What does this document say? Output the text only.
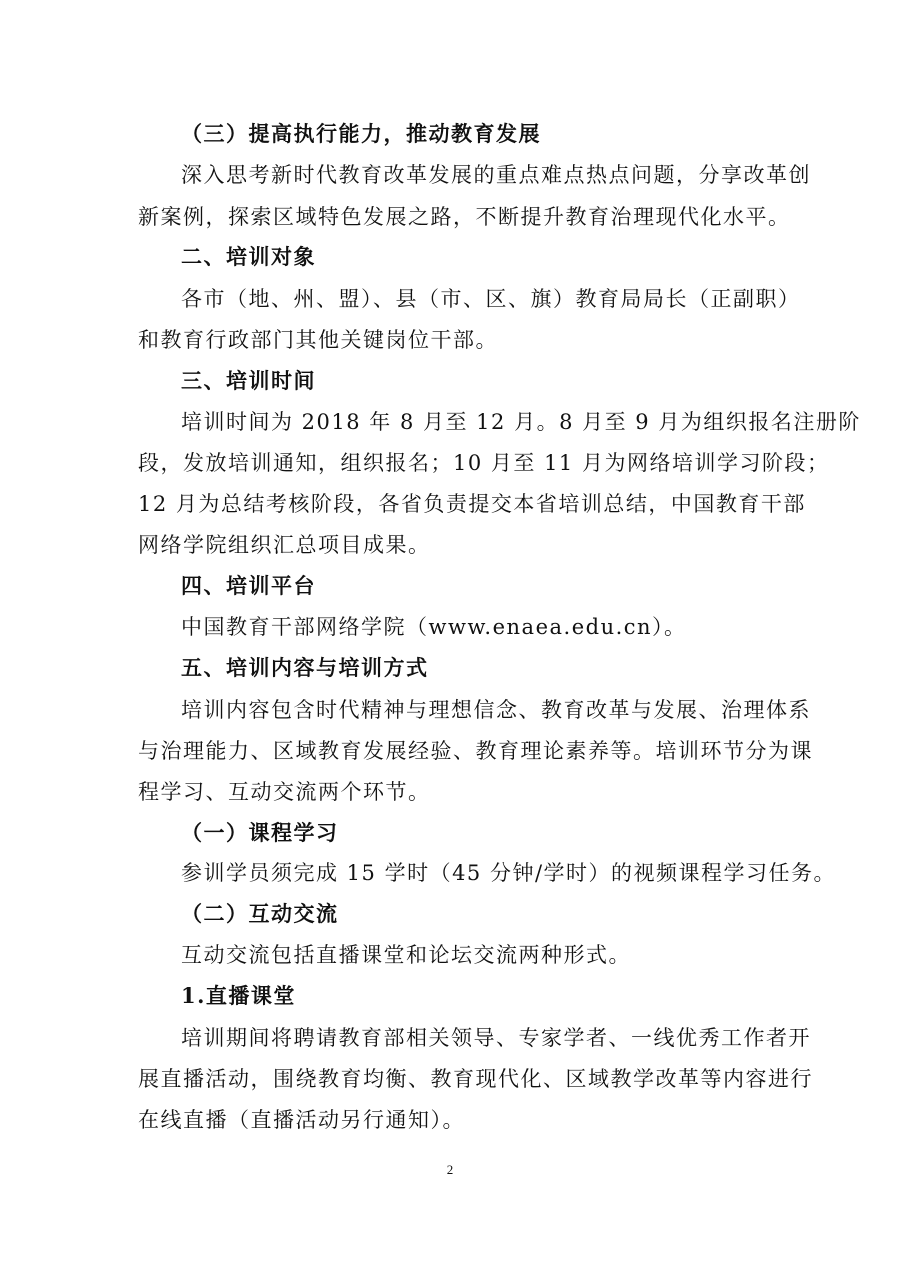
（三）提高执行能力，推动教育发展
深入思考新时代教育改革发展的重点难点热点问题，分享改革创
新案例，探索区域特色发展之路，不断提升教育治理现代化水平。
二、培训对象
各市（地、州、盟）、县（市、区、旗）教育局局长（正副职）
和教育行政部门其他关键岗位干部。
三、培训时间
培训时间为 2018 年 8 月至 12 月。8 月至 9 月为组织报名注册阶
段，发放培训通知，组织报名；10 月至 11 月为网络培训学习阶段；
12 月为总结考核阶段，各省负责提交本省培训总结，中国教育干部
网络学院组织汇总项目成果。
四、培训平台
中国教育干部网络学院（www.enaea.edu.cn）。
五、培训内容与培训方式
培训内容包含时代精神与理想信念、教育改革与发展、治理体系
与治理能力、区域教育发展经验、教育理论素养等。培训环节分为课
程学习、互动交流两个环节。
（一）课程学习
参训学员须完成 15 学时（45 分钟/学时）的视频课程学习任务。
（二）互动交流
互动交流包括直播课堂和论坛交流两种形式。
1.直播课堂
培训期间将聘请教育部相关领导、专家学者、一线优秀工作者开
展直播活动，围绕教育均衡、教育现代化、区域教学改革等内容进行
在线直播（直播活动另行通知）。
2
